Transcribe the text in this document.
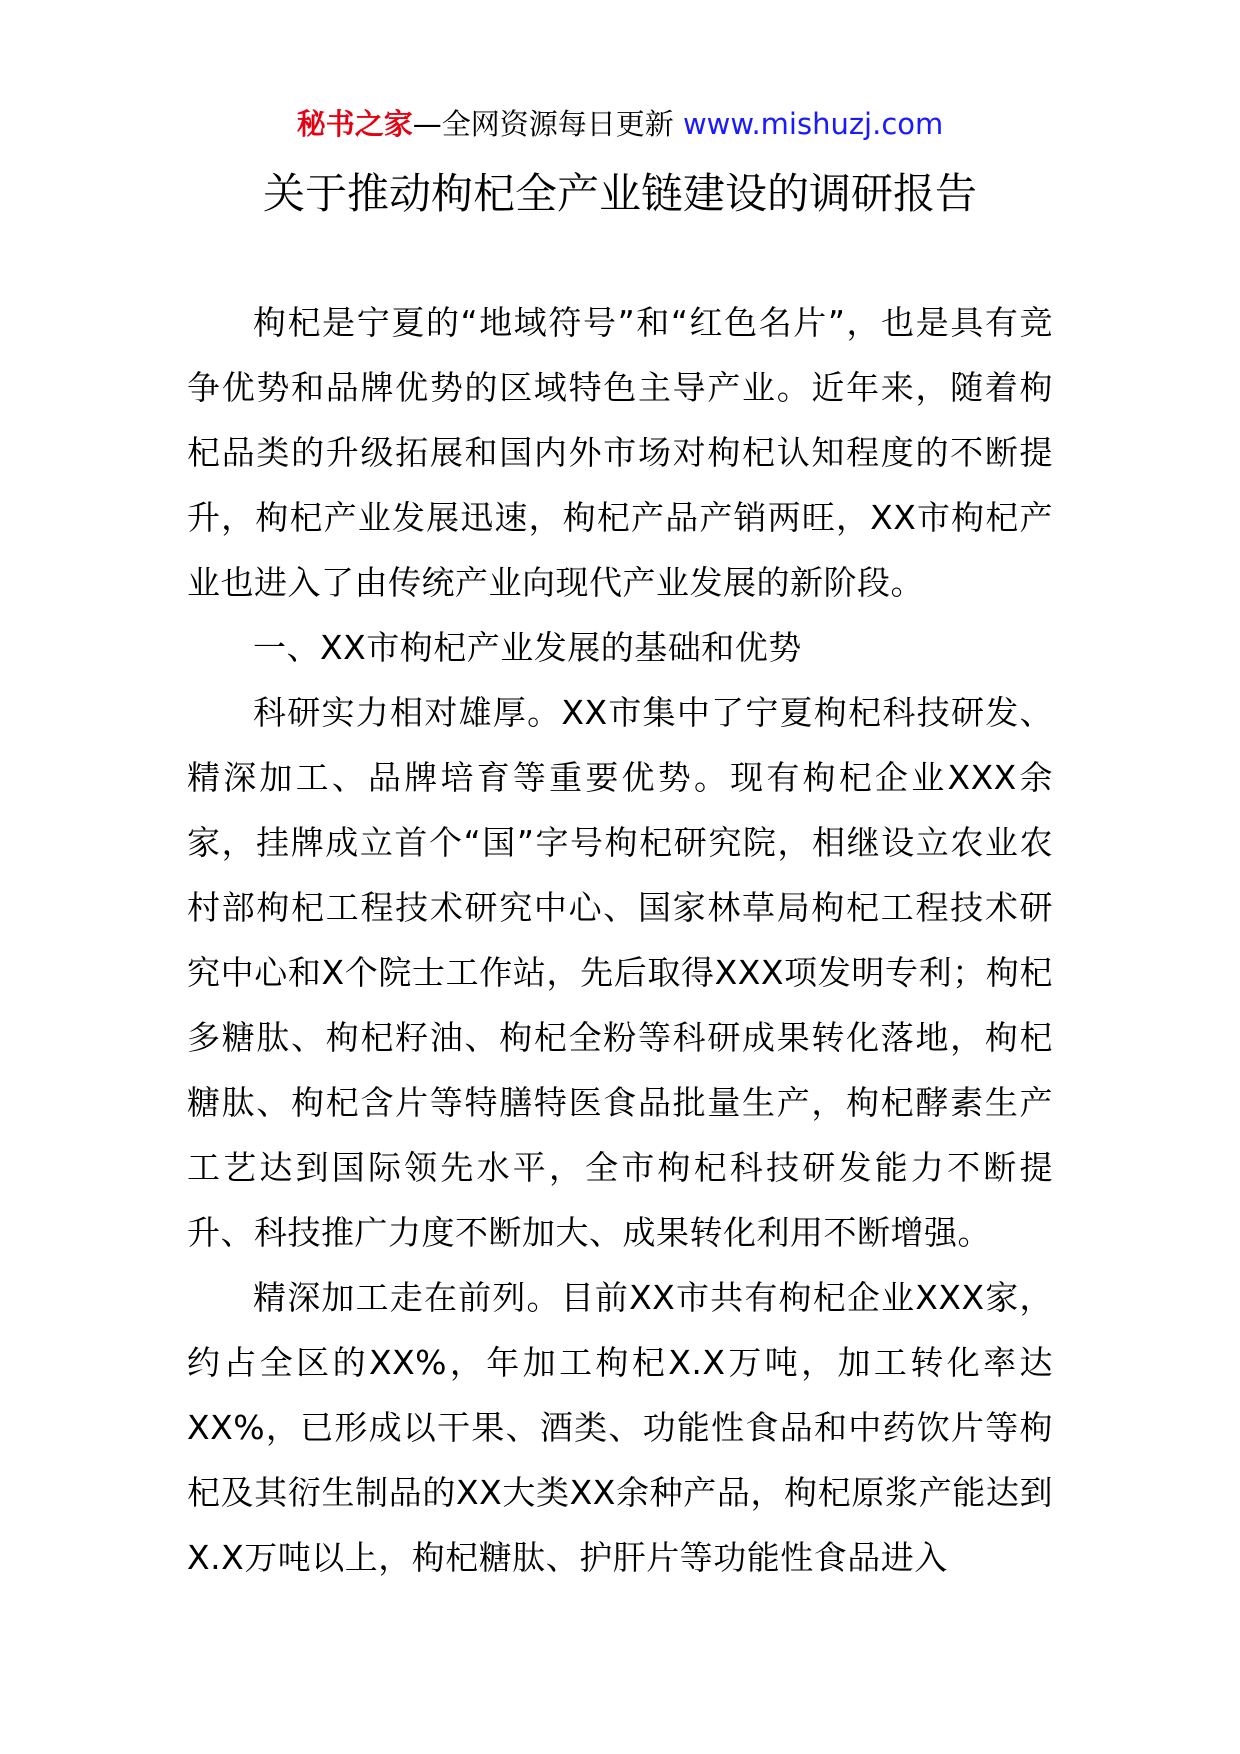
秘书之家—全网资源每日更新 www.mishuzj.com
关于推动枸杞全产业链建设的调研报告

枸杞是宁夏的“地域符号”和“红色名片”，也是具有竞争优势和品牌优势的区域特色主导产业。近年来，随着枸杞品类的升级拓展和国内外市场对枸杞认知程度的不断提升，枸杞产业发展迅速，枸杞产品产销两旺，XX市枸杞产业也进入了由传统产业向现代产业发展的新阶段。

一、XX市枸杞产业发展的基础和优势

科研实力相对雄厚。XX市集中了宁夏枸杞科技研发、精深加工、品牌培育等重要优势。现有枸杞企业XXX余家，挂牌成立首个“国”字号枸杞研究院，相继设立农业农村部枸杞工程技术研究中心、国家林草局枸杞工程技术研究中心和X个院士工作站，先后取得XXX项发明专利；枸杞多糖肽、枸杞籽油、枸杞全粉等科研成果转化落地，枸杞糖肽、枸杞含片等特膳特医食品批量生产，枸杞酵素生产工艺达到国际领先水平，全市枸杞科技研发能力不断提升、科技推广力度不断加大、成果转化利用不断增强。

精深加工走在前列。目前XX市共有枸杞企业XXX家，约占全区的XX%，年加工枸杞X.X万吨，加工转化率达XX%，已形成以干果、酒类、功能性食品和中药饮片等枸杞及其衍生制品的XX大类XX余种产品，枸杞原浆产能达到X.X万吨以上，枸杞糖肽、护肝片等功能性食品进入
